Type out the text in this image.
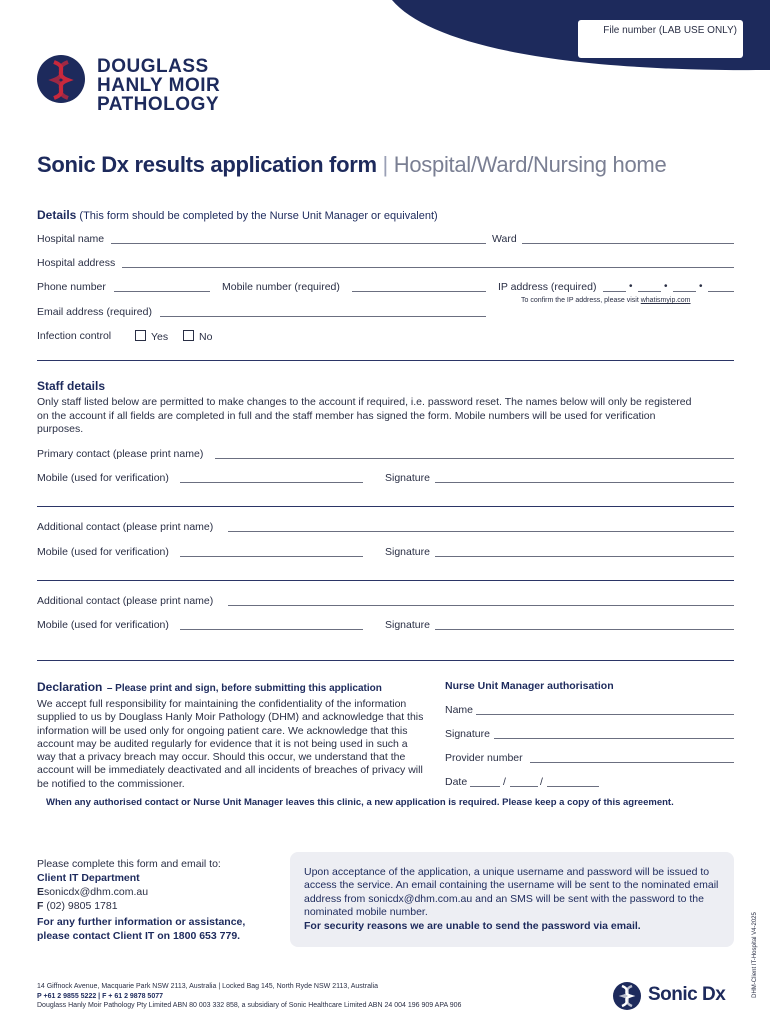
File number (LAB USE ONLY)
DOUGLASS
HANLY MOIR
PATHOLOGY
Sonic Dx results application form | Hospital/Ward/Nursing home
Details (This form should be completed by the Nurse Unit Manager or equivalent)
Hospital name	Ward
Hospital address
Phone number	Mobile number (required)	IP address (required)	•	•	•
To confirm the IP address, please visit whatismyip.com
Email address (required)
Infection control	Yes	No
Staff details
Only staff listed below are permitted to make changes to the account if required, i.e. password reset. The names below will only be registered on the account if all fields are completed in full and the staff member has signed the form. Mobile numbers will be used for verification purposes.
Primary contact (please print name)
Mobile (used for verification)	Signature
Additional contact (please print name)
Mobile (used for verification)	Signature
Additional contact (please print name)
Mobile (used for verification)	Signature
Declaration – Please print and sign, before submitting this application
We accept full responsibility for maintaining the confidentiality of the information supplied to us by Douglass Hanly Moir Pathology (DHM) and acknowledge that this information will be used only for ongoing patient care. We acknowledge that this account may be audited regularly for evidence that it is not being used in such a way that a privacy breach may occur. Should this occur, we understand that the account will be immediately deactivated and all incidents of breaches of privacy will be notified to the commissioner.
Nurse Unit Manager authorisation
Name
Signature
Provider number
Date	/	/
When any authorised contact or Nurse Unit Manager leaves this clinic, a new application is required. Please keep a copy of this agreement.
Please complete this form and email to:
Client IT Department
Esonicdx@dhm.com.au
F (02) 9805 1781
For any further information or assistance, please contact Client IT on 1800 653 779.
Upon acceptance of the application, a unique username and password will be issued to access the service. An email containing the username will be sent to the nominated email address from sonicdx@dhm.com.au and an SMS will be sent with the password to the nominated mobile number.
For security reasons we are unable to send the password via email.
14 Giffnock Avenue, Macquarie Park NSW 2113, Australia | Locked Bag 145, North Ryde NSW 2113, Australia
P +61 2 9855 5222 | F + 61 2 9878 5077
Douglass Hanly Moir Pathology Pty Limited ABN 80 003 332 858, a subsidiary of Sonic Healthcare Limited ABN 24 004 196 909 APA 906
Sonic Dx	DHM-Client IT-Hospital V4-2025
